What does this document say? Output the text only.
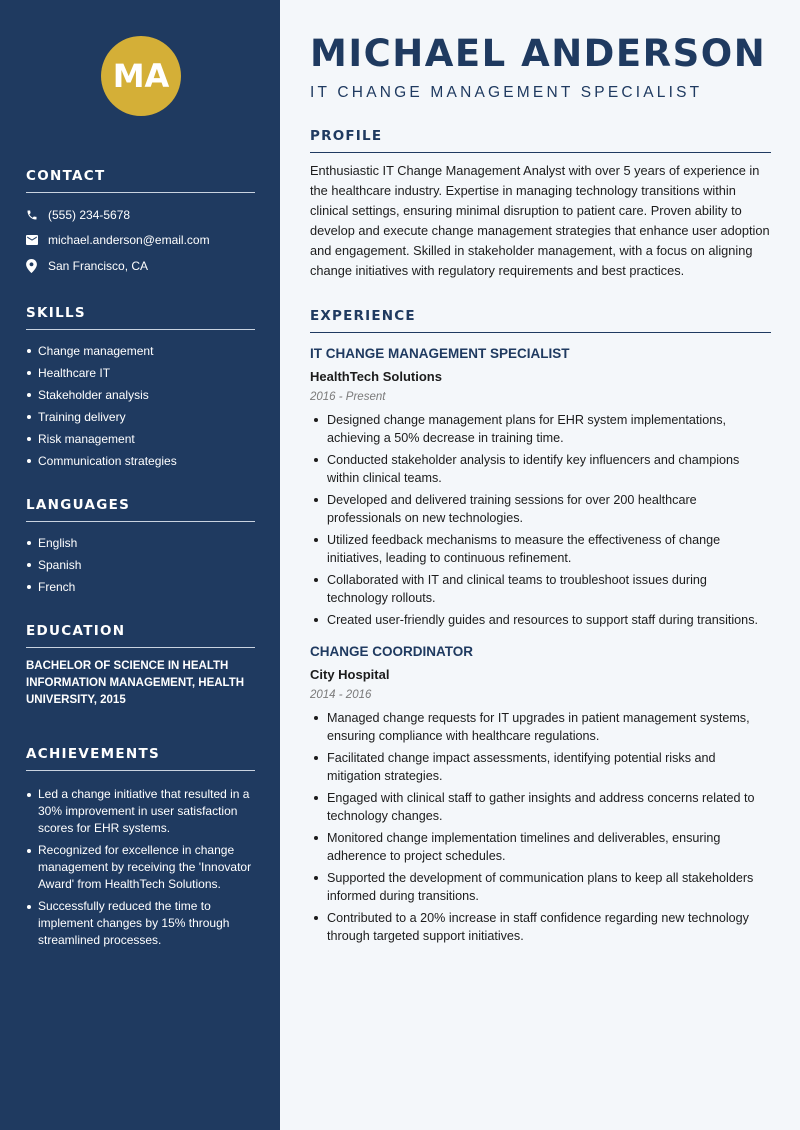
MA
CONTACT
(555) 234-5678
michael.anderson@email.com
San Francisco, CA
SKILLS
Change management
Healthcare IT
Stakeholder analysis
Training delivery
Risk management
Communication strategies
LANGUAGES
English
Spanish
French
EDUCATION
BACHELOR OF SCIENCE IN HEALTH INFORMATION MANAGEMENT, HEALTH UNIVERSITY, 2015
ACHIEVEMENTS
Led a change initiative that resulted in a 30% improvement in user satisfaction scores for EHR systems.
Recognized for excellence in change management by receiving the 'Innovator Award' from HealthTech Solutions.
Successfully reduced the time to implement changes by 15% through streamlined processes.
MICHAEL ANDERSON
IT CHANGE MANAGEMENT SPECIALIST
PROFILE

Enthusiastic IT Change Management Analyst with over 5 years of experience in the healthcare industry. Expertise in managing technology transitions within clinical settings, ensuring minimal disruption to patient care. Proven ability to develop and execute change management strategies that enhance user adoption and engagement. Skilled in stakeholder management, with a focus on aligning change initiatives with regulatory requirements and best practices.

EXPERIENCE
IT CHANGE MANAGEMENT SPECIALIST
HealthTech Solutions
2016 - Present
Designed change management plans for EHR system implementations, achieving a 50% decrease in training time.
Conducted stakeholder analysis to identify key influencers and champions within clinical teams.
Developed and delivered training sessions for over 200 healthcare professionals on new technologies.
Utilized feedback mechanisms to measure the effectiveness of change initiatives, leading to continuous refinement.
Collaborated with IT and clinical teams to troubleshoot issues during technology rollouts.
Created user-friendly guides and resources to support staff during transitions.
CHANGE COORDINATOR
City Hospital
2014 - 2016
Managed change requests for IT upgrades in patient management systems, ensuring compliance with healthcare regulations.
Facilitated change impact assessments, identifying potential risks and mitigation strategies.
Engaged with clinical staff to gather insights and address concerns related to technology changes.
Monitored change implementation timelines and deliverables, ensuring adherence to project schedules.
Supported the development of communication plans to keep all stakeholders informed during transitions.
Contributed to a 20% increase in staff confidence regarding new technology through targeted support initiatives.
